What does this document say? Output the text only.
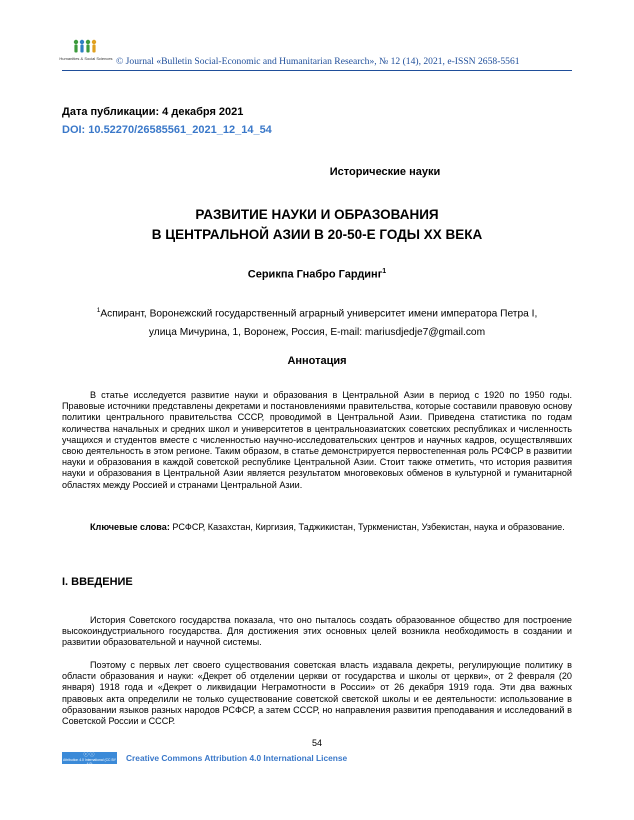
Humanities & Social Sciences © Journal «Bulletin Social-Economic and Humanitarian Research», № 12 (14), 2021, e-ISSN 2658-5561
Дата публикации: 4 декабря 2021
DOI: 10.52270/26585561_2021_12_14_54
Исторические науки
РАЗВИТИЕ НАУКИ И ОБРАЗОВАНИЯ
В ЦЕНТРАЛЬНОЙ АЗИИ В 20-50-Е ГОДЫ ХХ ВЕКА
Серикпа Гнабро Гардинг$^1$
$^1$Аспирант, Воронежский государственный аграрный университет имени императора Петра I,
улица Мичурина, 1, Воронеж, Россия, E-mail: mariusdjedje7@gmail.com
Аннотация
В статье исследуется развитие науки и образования в Центральной Азии в период с 1920 по 1950 годы. Правовые источники представлены декретами и постановлениями правительства, которые составили правовую основу политики центрального правительства СССР, проводимой в Центральной Азии. Приведена статистика по годам количества начальных и средних школ и университетов в центральноазиатских советских республиках и численность учащихся и студентов вместе с численностью научно-исследовательских центров и научных кадров, осуществлявших свою деятельность в этом регионе. Таким образом, в статье демонстрируется первостепенная роль РСФСР в развитии науки и образования в каждой советской республике Центральной Азии. Стоит также отметить, что история развития науки и образования в Центральной Азии является результатом многовековых обменов в культурной и гуманитарной областях между Россией и странами Центральной Азии.
Ключевые слова: РСФСР, Казахстан, Киргизия, Таджикистан, Туркменистан, Узбекистан, наука и образование.
I. ВВЕДЕНИЕ
История Советского государства показала, что оно пыталось создать образованное общество для построение высокоиндустриального государства. Для достижения этих основных целей возникла необходимость в создании и развитии образовательной и научной системы.
Поэтому с первых лет своего существования советская власть издавала декреты, регулирующие политику в области образования и науки: «Декрет об отделении церкви от государства и школы от церкви», от 2 февраля (20 января) 1918 года и «Декрет о ликвидации Неграмотности в России» от 26 декабря 1919 года. Эти два важных правовых акта определили не только существование советской светской школы и ее деятельности: использование в образовании языков разных народов РСФСР, а затем СССР, но направления развития преподавания и исследований в Советской России и СССР.
54
ⓒⓘ
Attribution 4.0 International (CC BY 4.0)
Creative Commons Attribution 4.0 International License
